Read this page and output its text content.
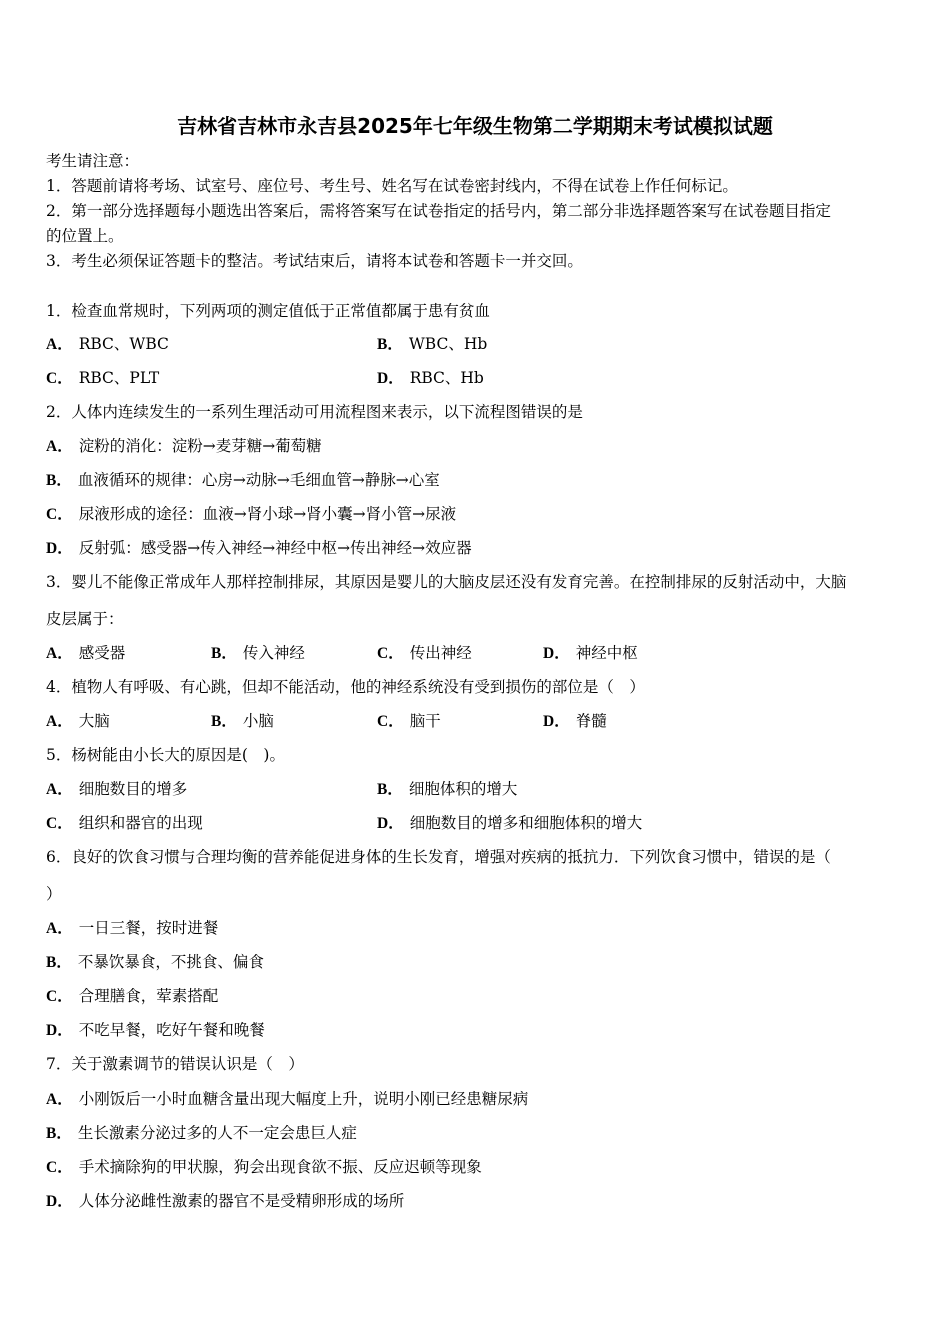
吉林省吉林市永吉县2025年七年级生物第二学期期末考试模拟试题
考生请注意：
1．答题前请将考场、试室号、座位号、考生号、姓名写在试卷密封线内，不得在试卷上作任何标记。
2．第一部分选择题每小题选出答案后，需将答案写在试卷指定的括号内，第二部分非选择题答案写在试卷题目指定
的位置上。
3．考生必须保证答题卡的整洁。考试结束后，请将本试卷和答题卡一并交回。
1．检查血常规时，下列两项的测定值低于正常值都属于患有贫血
A． RBC、WBC	B． WBC、Hb
C． RBC、PLT	D． RBC、Hb
2．人体内连续发生的一系列生理活动可用流程图来表示，以下流程图错误的是
A． 淀粉的消化：淀粉→麦芽糖→葡萄糖
B． 血液循环的规律：心房→动脉→毛细血管→静脉→心室
C． 尿液形成的途径：血液→肾小球→肾小囊→肾小管→尿液
D． 反射弧：感受器→传入神经→神经中枢→传出神经→效应器
3．婴儿不能像正常成年人那样控制排尿，其原因是婴儿的大脑皮层还没有发育完善。在控制排尿的反射活动中，大脑
皮层属于：
A． 感受器	B． 传入神经	C． 传出神经	D． 神经中枢
4．植物人有呼吸、有心跳，但却不能活动，他的神经系统没有受到损伤的部位是（　）
A． 大脑	B． 小脑	C． 脑干	D． 脊髓
5．杨树能由小长大的原因是(　)。
A． 细胞数目的增多	B． 细胞体积的增大
C． 组织和器官的出现	D． 细胞数目的增多和细胞体积的增大
6．良好的饮食习惯与合理均衡的营养能促进身体的生长发育，增强对疾病的抵抗力．下列饮食习惯中，错误的是（
）
A． 一日三餐，按时进餐
B． 不暴饮暴食，不挑食、偏食
C． 合理膳食，荤素搭配
D． 不吃早餐，吃好午餐和晚餐
7．关于激素调节的错误认识是（　）
A． 小刚饭后一小时血糖含量出现大幅度上升，说明小刚已经患糖尿病
B． 生长激素分泌过多的人不一定会患巨人症
C． 手术摘除狗的甲状腺，狗会出现食欲不振、反应迟顿等现象
D． 人体分泌雌性激素的器官不是受精卵形成的场所
